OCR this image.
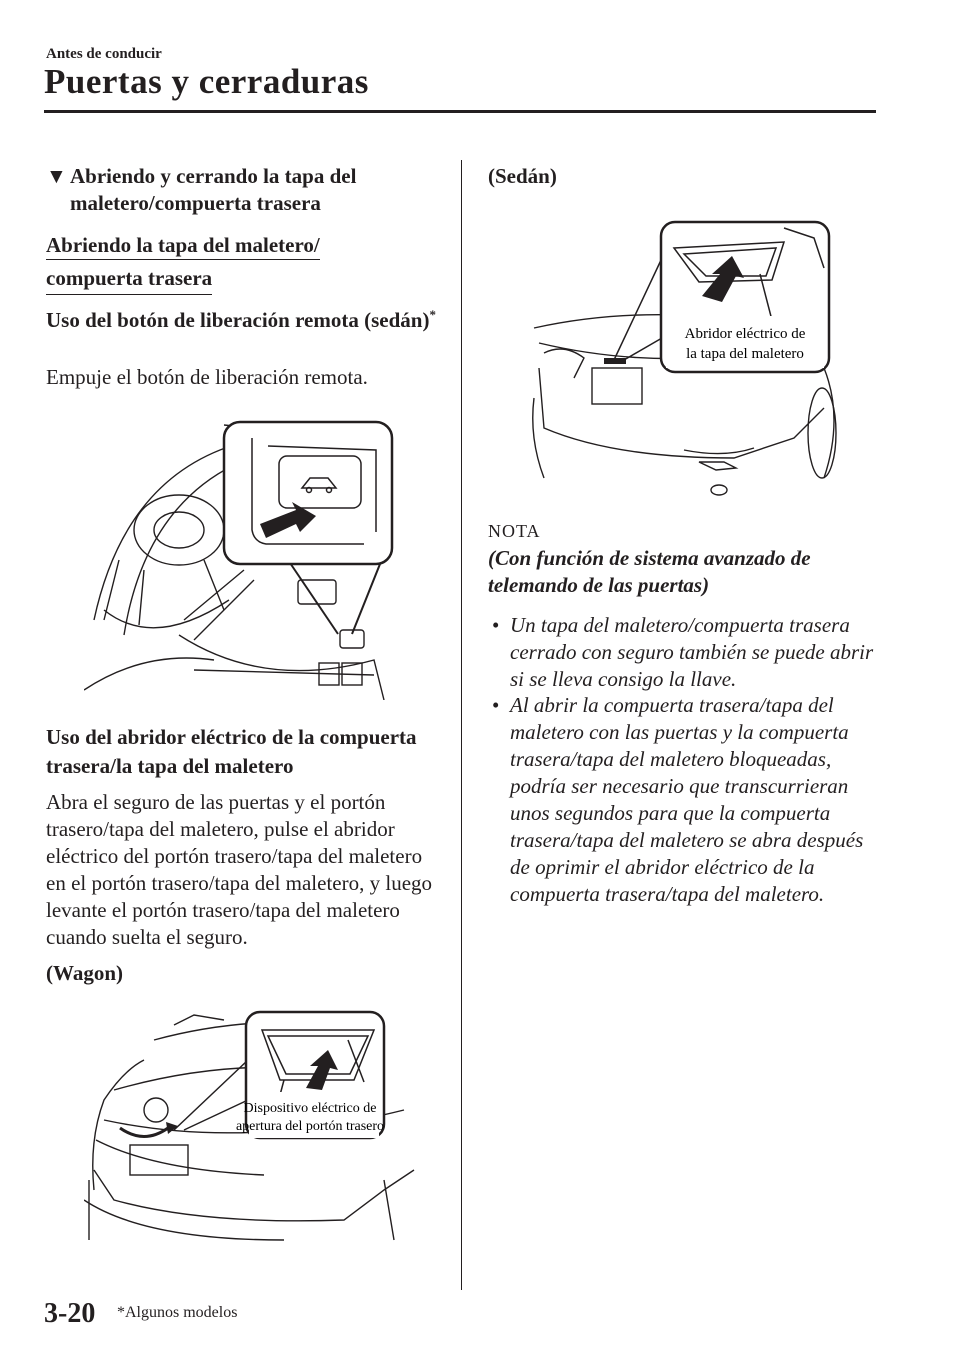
Antes de conducir
Puertas y cerraduras
▼ Abriendo y cerrando la tapa del maletero/compuerta trasera
Abriendo la tapa del maletero/
compuerta trasera
Uso del botón de liberación remota (sedán)*
Empuje el botón de liberación remota.
Uso del abridor eléctrico de la compuerta trasera/la tapa del maletero
Abra el seguro de las puertas y el portón trasero/tapa del maletero, pulse el abridor eléctrico del portón trasero/tapa del maletero en el portón trasero/tapa del maletero, y luego levante el portón trasero/tapa del maletero cuando suelta el seguro.
(Wagon)
Dispositivo eléctrico de
apertura del portón trasero
(Sedán)
Abridor eléctrico de
la tapa del maletero
NOTA
(Con función de sistema avanzado de telemando de las puertas)
• Un tapa del maletero/compuerta trasera cerrado con seguro también se puede abrir si se lleva consigo la llave.
• Al abrir la compuerta trasera/tapa del maletero con las puertas y la compuerta trasera/tapa del maletero bloqueadas, podría ser necesario que transcurrieran unos segundos para que la compuerta trasera/tapa del maletero se abra después de oprimir el abridor eléctrico de la compuerta trasera/tapa del maletero.
3-20 *Algunos modelos
